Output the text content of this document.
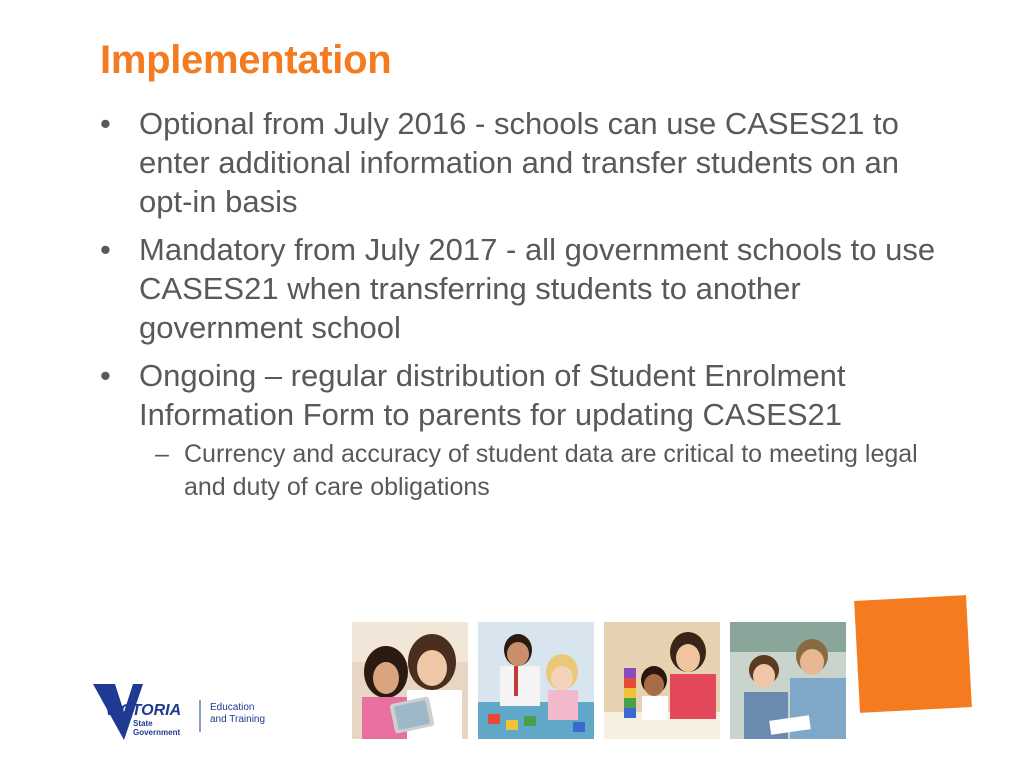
Implementation
• Optional from July 2016 - schools can use CASES21 to enter additional information and transfer students on an opt-in basis
• Mandatory from July 2017 - all government schools to use CASES21 when transferring students to another government school
• Ongoing – regular distribution of Student Enrolment Information Form to parents for updating CASES21
– Currency and accuracy of student data are critical to meeting legal and duty of care obligations
VICTORIA
State
Government
Education
and Training
